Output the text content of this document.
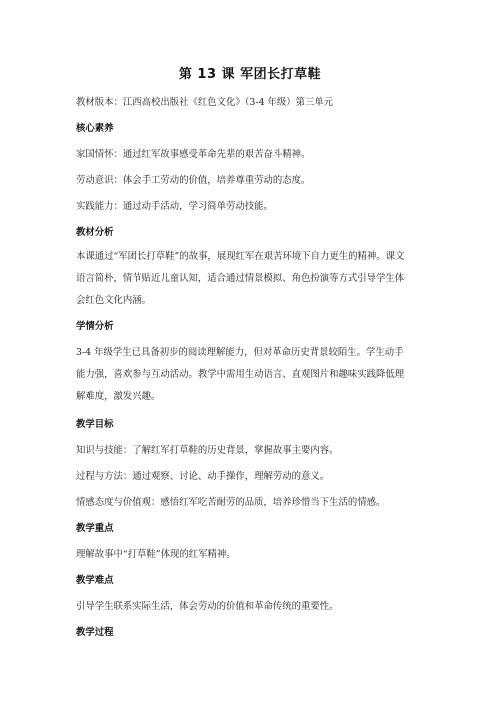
第 13 课 军团长打草鞋
教材版本：江西高校出版社《红色文化》（3-4 年级）第三单元
核心素养
家国情怀：通过红军故事感受革命先辈的艰苦奋斗精神。
劳动意识：体会手工劳动的价值，培养尊重劳动的态度。
实践能力：通过动手活动，学习简单劳动技能。
教材分析
本课通过“军团长打草鞋”的故事，展现红军在艰苦环境下自力更生的精神。课文
语言简朴，情节贴近儿童认知，适合通过情景模拟、角色扮演等方式引导学生体
会红色文化内涵。
学情分析
3-4 年级学生已具备初步的阅读理解能力，但对革命历史背景较陌生。学生动手
能力强，喜欢参与互动活动。教学中需用生动语言、直观图片和趣味实践降低理
解难度，激发兴趣。
教学目标
知识与技能：了解红军打草鞋的历史背景，掌握故事主要内容。
过程与方法：通过观察、讨论、动手操作，理解劳动的意义。
情感态度与价值观：感悟红军吃苦耐劳的品质，培养珍惜当下生活的情感。
教学重点
理解故事中“打草鞋”体现的红军精神。
教学难点
引导学生联系实际生活，体会劳动的价值和革命传统的重要性。
教学过程
